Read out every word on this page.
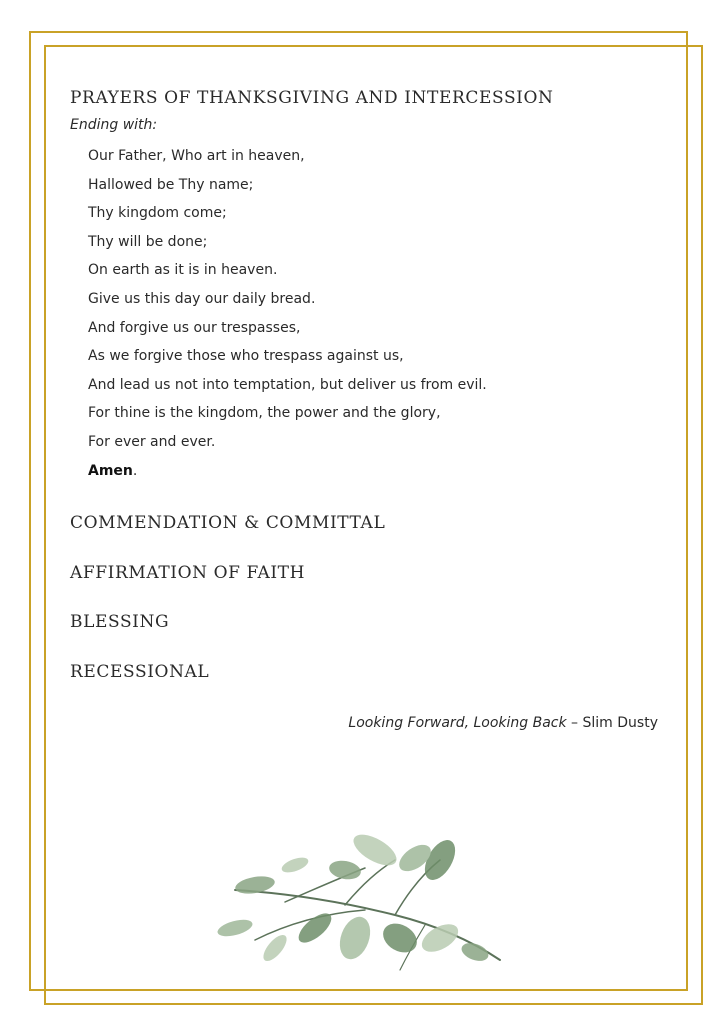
PRAYERS OF THANKSGIVING AND INTERCESSION

Ending with:

Our Father, Who art in heaven,
Hallowed be Thy name;
Thy kingdom come;
Thy will be done;
On earth as it is in heaven.
Give us this day our daily bread.
And forgive us our trespasses,
As we forgive those who trespass against us,
And lead us not into temptation, but deliver us from evil.
For thine is the kingdom, the power and the glory,
For ever and ever.
Amen.
COMMENDATION & COMMITTAL
AFFIRMATION OF FAITH
BLESSING
RECESSIONAL
Looking Forward, Looking Back – Slim Dusty
